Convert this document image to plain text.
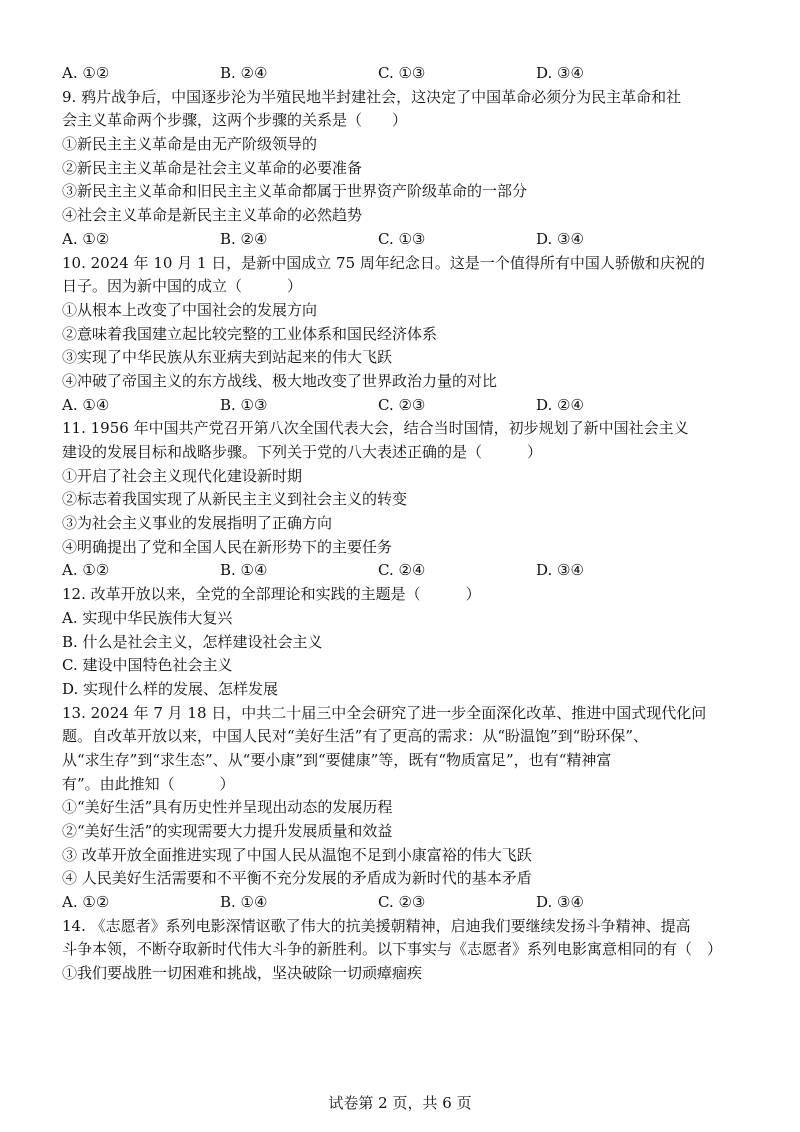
A. ①②	B. ②④	C. ①③	D. ③④
9. 鸦片战争后，中国逐步沦为半殖民地半封建社会，这决定了中国革命必须分为民主革命和社
会主义革命两个步骤，这两个步骤的关系是（　　）
①新民主主义革命是由无产阶级领导的
②新民主主义革命是社会主义革命的必要准备
③新民主主义革命和旧民主主义革命都属于世界资产阶级革命的一部分
④社会主义革命是新民主主义革命的必然趋势
A. ①②	B. ②④	C. ①③	D. ③④
10. 2024 年 10 月 1 日，是新中国成立 75 周年纪念日。这是一个值得所有中国人骄傲和庆祝的
日子。因为新中国的成立（　　　）
①从根本上改变了中国社会的发展方向
②意味着我国建立起比较完整的工业体系和国民经济体系
③实现了中华民族从东亚病夫到站起来的伟大飞跃
④冲破了帝国主义的东方战线、极大地改变了世界政治力量的对比
A. ①④	B. ①③	C. ②③	D. ②④
11. 1956 年中国共产党召开第八次全国代表大会，结合当时国情，初步规划了新中国社会主义
建设的发展目标和战略步骤。下列关于党的八大表述正确的是（　　　）
①开启了社会主义现代化建设新时期
②标志着我国实现了从新民主主义到社会主义的转变
③为社会主义事业的发展指明了正确方向
④明确提出了党和全国人民在新形势下的主要任务
A. ①②	B. ①④	C. ②④	D. ③④
12. 改革开放以来，全党的全部理论和实践的主题是（　　　）
A. 实现中华民族伟大复兴
B. 什么是社会主义，怎样建设社会主义
C. 建设中国特色社会主义
D. 实现什么样的发展、怎样发展
13. 2024 年 7 月 18 日，中共二十届三中全会研究了进一步全面深化改革、推进中国式现代化问
题。自改革开放以来，中国人民对“美好生活”有了更高的需求：从“盼温饱”到“盼环保”、
从“求生存”到“求生态”、从“要小康”到“要健康”等，既有“物质富足”，也有“精神富
有”。由此推知（　　　）
①“美好生活”具有历史性并呈现出动态的发展历程
②“美好生活”的实现需要大力提升发展质量和效益
③ 改革开放全面推进实现了中国人民从温饱不足到小康富裕的伟大飞跃
④ 人民美好生活需要和不平衡不充分发展的矛盾成为新时代的基本矛盾
A. ①②	B. ①④	C. ②③	D. ③④
14. 《志愿者》系列电影深情讴歌了伟大的抗美援朝精神，启迪我们要继续发扬斗争精神、提高
斗争本领，不断夺取新时代伟大斗争的新胜利。以下事实与《志愿者》系列电影寓意相同的有（　）
①我们要战胜一切困难和挑战，坚决破除一切顽瘴痼疾
试卷第 2 页，共 6 页
